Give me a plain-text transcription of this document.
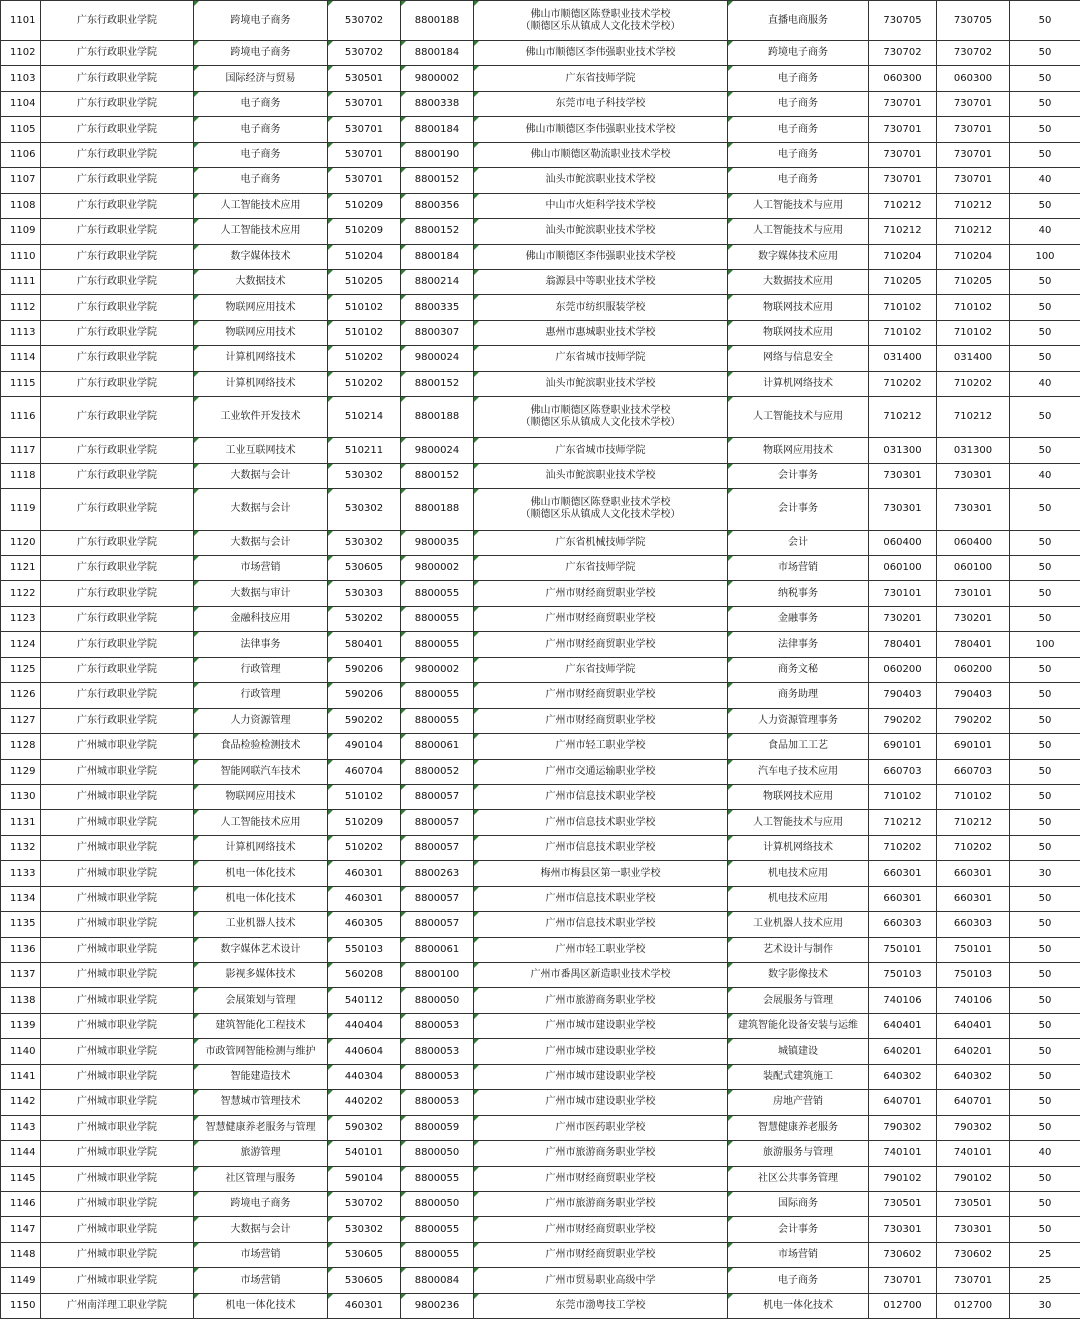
1101	广东行政职业学院	跨境电子商务	530702	8800188	佛山市顺德区陈登职业技术学校
（顺德区乐从镇成人文化技术学校）	直播电商服务	730705	730705	50
1102	广东行政职业学院	跨境电子商务	530702	8800184	佛山市顺德区李伟强职业技术学校	跨境电子商务	730702	730702	50
1103	广东行政职业学院	国际经济与贸易	530501	9800002	广东省技师学院	电子商务	060300	060300	50
1104	广东行政职业学院	电子商务	530701	8800338	东莞市电子科技学校	电子商务	730701	730701	50
1105	广东行政职业学院	电子商务	530701	8800184	佛山市顺德区李伟强职业技术学校	电子商务	730701	730701	50
1106	广东行政职业学院	电子商务	530701	8800190	佛山市顺德区勒流职业技术学校	电子商务	730701	730701	50
1107	广东行政职业学院	电子商务	530701	8800152	汕头市鮀滨职业技术学校	电子商务	730701	730701	40
1108	广东行政职业学院	人工智能技术应用	510209	8800356	中山市火炬科学技术学校	人工智能技术与应用	710212	710212	50
1109	广东行政职业学院	人工智能技术应用	510209	8800152	汕头市鮀滨职业技术学校	人工智能技术与应用	710212	710212	40
1110	广东行政职业学院	数字媒体技术	510204	8800184	佛山市顺德区李伟强职业技术学校	数字媒体技术应用	710204	710204	100
1111	广东行政职业学院	大数据技术	510205	8800214	翁源县中等职业技术学校	大数据技术应用	710205	710205	50
1112	广东行政职业学院	物联网应用技术	510102	8800335	东莞市纺织服装学校	物联网技术应用	710102	710102	50
1113	广东行政职业学院	物联网应用技术	510102	8800307	惠州市惠城职业技术学校	物联网技术应用	710102	710102	50
1114	广东行政职业学院	计算机网络技术	510202	9800024	广东省城市技师学院	网络与信息安全	031400	031400	50
1115	广东行政职业学院	计算机网络技术	510202	8800152	汕头市鮀滨职业技术学校	计算机网络技术	710202	710202	40
1116	广东行政职业学院	工业软件开发技术	510214	8800188	佛山市顺德区陈登职业技术学校
（顺德区乐从镇成人文化技术学校）	人工智能技术与应用	710212	710212	50
1117	广东行政职业学院	工业互联网技术	510211	9800024	广东省城市技师学院	物联网应用技术	031300	031300	50
1118	广东行政职业学院	大数据与会计	530302	8800152	汕头市鮀滨职业技术学校	会计事务	730301	730301	40
1119	广东行政职业学院	大数据与会计	530302	8800188	佛山市顺德区陈登职业技术学校
（顺德区乐从镇成人文化技术学校）	会计事务	730301	730301	50
1120	广东行政职业学院	大数据与会计	530302	9800035	广东省机械技师学院	会计	060400	060400	50
1121	广东行政职业学院	市场营销	530605	9800002	广东省技师学院	市场营销	060100	060100	50
1122	广东行政职业学院	大数据与审计	530303	8800055	广州市财经商贸职业学校	纳税事务	730101	730101	50
1123	广东行政职业学院	金融科技应用	530202	8800055	广州市财经商贸职业学校	金融事务	730201	730201	50
1124	广东行政职业学院	法律事务	580401	8800055	广州市财经商贸职业学校	法律事务	780401	780401	100
1125	广东行政职业学院	行政管理	590206	9800002	广东省技师学院	商务文秘	060200	060200	50
1126	广东行政职业学院	行政管理	590206	8800055	广州市财经商贸职业学校	商务助理	790403	790403	50
1127	广东行政职业学院	人力资源管理	590202	8800055	广州市财经商贸职业学校	人力资源管理事务	790202	790202	50
1128	广州城市职业学院	食品检验检测技术	490104	8800061	广州市轻工职业学校	食品加工工艺	690101	690101	50
1129	广州城市职业学院	智能网联汽车技术	460704	8800052	广州市交通运输职业学校	汽车电子技术应用	660703	660703	50
1130	广州城市职业学院	物联网应用技术	510102	8800057	广州市信息技术职业学校	物联网技术应用	710102	710102	50
1131	广州城市职业学院	人工智能技术应用	510209	8800057	广州市信息技术职业学校	人工智能技术与应用	710212	710212	50
1132	广州城市职业学院	计算机网络技术	510202	8800057	广州市信息技术职业学校	计算机网络技术	710202	710202	50
1133	广州城市职业学院	机电一体化技术	460301	8800263	梅州市梅县区第一职业学校	机电技术应用	660301	660301	30
1134	广州城市职业学院	机电一体化技术	460301	8800057	广州市信息技术职业学校	机电技术应用	660301	660301	50
1135	广州城市职业学院	工业机器人技术	460305	8800057	广州市信息技术职业学校	工业机器人技术应用	660303	660303	50
1136	广州城市职业学院	数字媒体艺术设计	550103	8800061	广州市轻工职业学校	艺术设计与制作	750101	750101	50
1137	广州城市职业学院	影视多媒体技术	560208	8800100	广州市番禺区新造职业技术学校	数字影像技术	750103	750103	50
1138	广州城市职业学院	会展策划与管理	540112	8800050	广州市旅游商务职业学校	会展服务与管理	740106	740106	50
1139	广州城市职业学院	建筑智能化工程技术	440404	8800053	广州市城市建设职业学校	建筑智能化设备安装与运维	640401	640401	50
1140	广州城市职业学院	市政管网智能检测与维护	440604	8800053	广州市城市建设职业学校	城镇建设	640201	640201	50
1141	广州城市职业学院	智能建造技术	440304	8800053	广州市城市建设职业学校	装配式建筑施工	640302	640302	50
1142	广州城市职业学院	智慧城市管理技术	440202	8800053	广州市城市建设职业学校	房地产营销	640701	640701	50
1143	广州城市职业学院	智慧健康养老服务与管理	590302	8800059	广州市医药职业学校	智慧健康养老服务	790302	790302	50
1144	广州城市职业学院	旅游管理	540101	8800050	广州市旅游商务职业学校	旅游服务与管理	740101	740101	40
1145	广州城市职业学院	社区管理与服务	590104	8800055	广州市财经商贸职业学校	社区公共事务管理	790102	790102	50
1146	广州城市职业学院	跨境电子商务	530702	8800050	广州市旅游商务职业学校	国际商务	730501	730501	50
1147	广州城市职业学院	大数据与会计	530302	8800055	广州市财经商贸职业学校	会计事务	730301	730301	50
1148	广州城市职业学院	市场营销	530605	8800055	广州市财经商贸职业学校	市场营销	730602	730602	25
1149	广州城市职业学院	市场营销	530605	8800084	广州市贸易职业高级中学	电子商务	730701	730701	25
1150	广州南洋理工职业学院	机电一体化技术	460301	9800236	东莞市渤粤技工学校	机电一体化技术	012700	012700	30
